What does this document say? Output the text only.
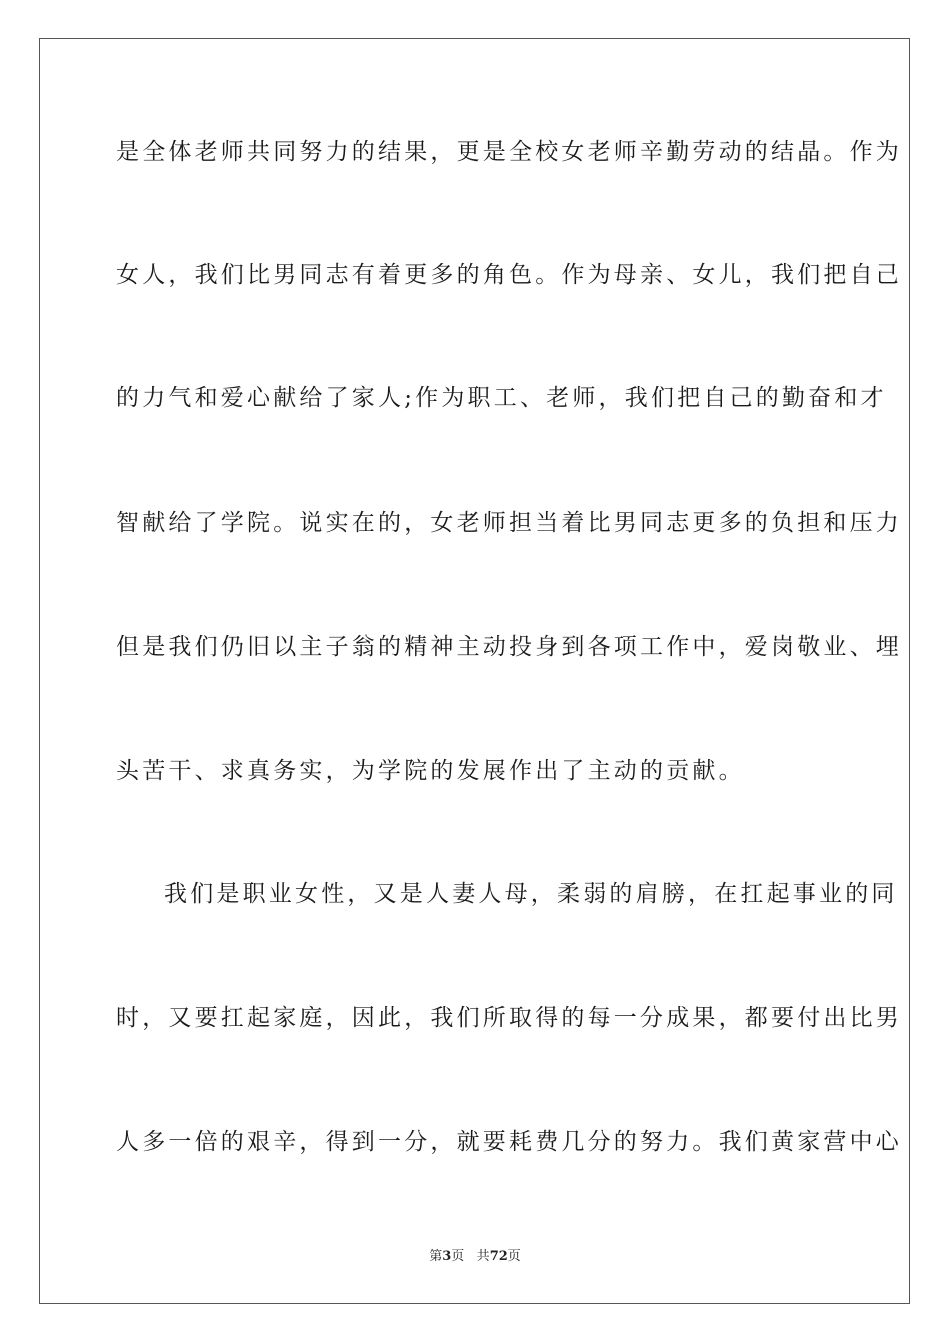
是全体老师共同努力的结果，更是全校女老师辛勤劳动的结晶。作为
女人，我们比男同志有着更多的角色。作为母亲、女儿，我们把自己
的力气和爱心献给了家人;作为职工、老师，我们把自己的勤奋和才
智献给了学院。说实在的，女老师担当着比男同志更多的负担和压力
但是我们仍旧以主子翁的精神主动投身到各项工作中，爱岗敬业、埋
头苦干、求真务实，为学院的发展作出了主动的贡献。
我们是职业女性，又是人妻人母，柔弱的肩膀，在扛起事业的同
时，又要扛起家庭，因此，我们所取得的每一分成果，都要付出比男
人多一倍的艰辛，得到一分，就要耗费几分的努力。我们黄家营中心
第3页 共72页
